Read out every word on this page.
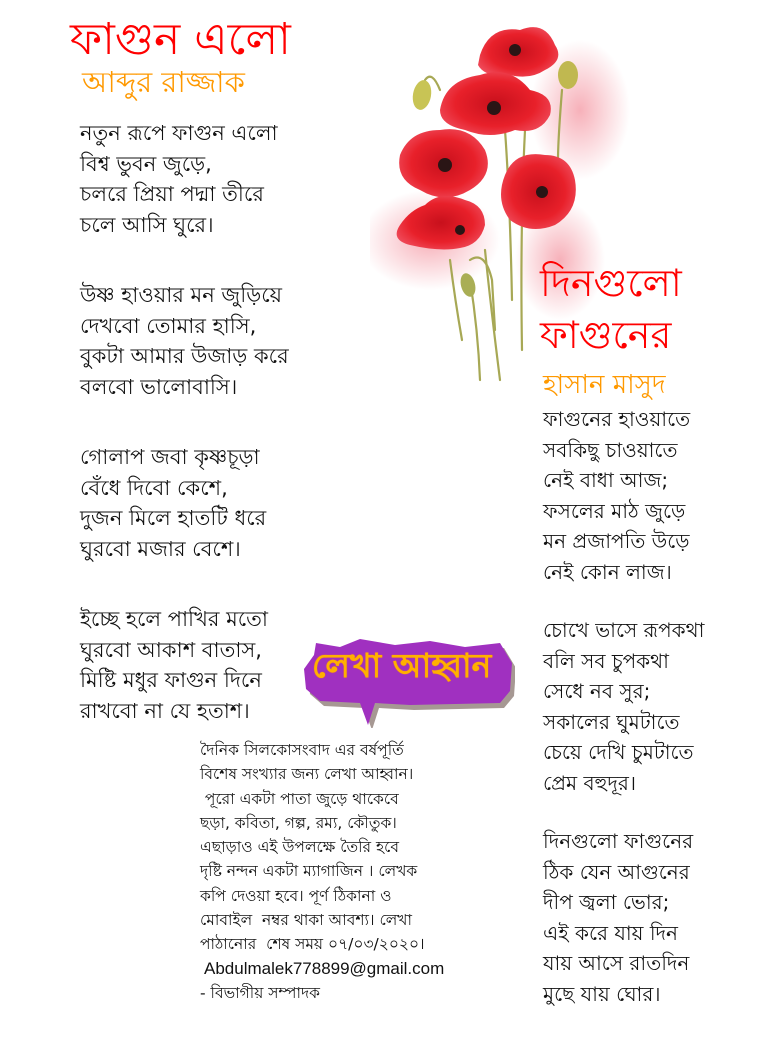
ফাগুন এলো
আব্দুর রাজ্জাক
নতুন রূপে ফাগুন এলো
বিশ্ব ভুবন জুড়ে,
চলরে প্রিয়া পদ্মা তীরে
চলে আসি ঘুরে।
উষ্ণ হাওয়ার মন জুড়িয়ে
দেখবো তোমার হাসি,
বুকটা আমার উজাড় করে
বলবো ভালোবাসি।
গোলাপ জবা কৃষ্ণচূড়া
বেঁধে দিবো কেশে,
দুজন মিলে হাতটি ধরে
ঘুরবো মজার বেশে।
ইচ্ছে হলে পাখির মতো
ঘুরবো আকাশ বাতাস,
মিষ্টি মধুর ফাগুন দিনে
রাখবো না যে হতাশ।
দিনগুলো
ফাগুনের
হাসান মাসুদ
ফাগুনের হাওয়াতে
সবকিছু চাওয়াতে
নেই বাধা আজ;
ফসলের মাঠ জুড়ে
মন প্রজাপতি উড়ে
নেই কোন লাজ।
চোখে ভাসে রূপকথা
বলি সব চুপকথা
সেধে নব সুর;
সকালের ঘুমটাতে
চেয়ে দেখি চুমটাতে
প্রেম বহুদূর।
দিনগুলো ফাগুনের
ঠিক যেন আগুনের
দীপ জ্বলা ভোর;
এই করে যায় দিন
যায় আসে রাতদিন
মুছে যায় ঘোর।
লেখা আহ্বান
দৈনিক সিলকোসংবাদ এর বর্ষপূর্তি
বিশেষ সংখ্যার জন্য লেখা আহ্বান।
পূরো একটা পাতা জুড়ে থাকেবে
ছড়া, কবিতা, গল্প, রম্য, কৌতুক।
এছাড়াও এই উপলক্ষে তৈরি হবে
দৃষ্টি নন্দন একটা ম্যাগাজিন । লেখক
কপি দেওয়া হবে। পূর্ণ ঠিকানা ও
মোবাইল  নম্বর থাকা আবশ্য। লেখা
পাঠানোর  শেষ সময় ০৭/০৩/২০২০।
Abdulmalek778899@gmail.com
- বিভাগীয় সম্পাদক
